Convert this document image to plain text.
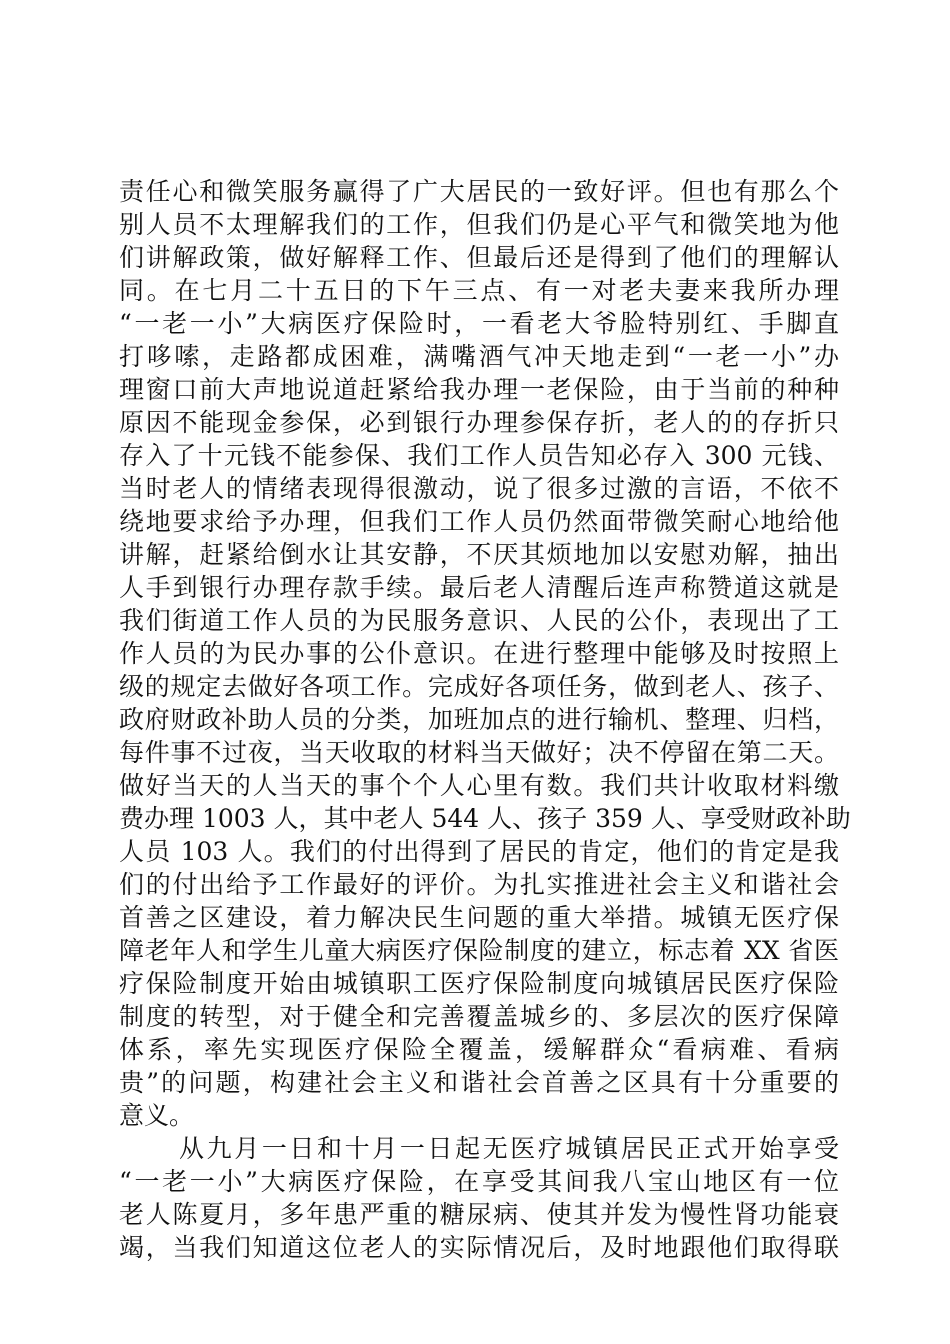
责任心和微笑服务赢得了广大居民的一致好评。但也有那么个
别人员不太理解我们的工作，但我们仍是心平气和微笑地为他
们讲解政策，做好解释工作、但最后还是得到了他们的理解认
同。在七月二十五日的下午三点、有一对老夫妻来我所办理
“一老一小”大病医疗保险时，一看老大爷脸特别红、手脚直
打哆嗦，走路都成困难，满嘴酒气冲天地走到“一老一小”办
理窗口前大声地说道赶紧给我办理一老保险，由于当前的种种
原因不能现金参保，必到银行办理参保存折，老人的的存折只
存入了十元钱不能参保、我们工作人员告知必存入 300 元钱、
当时老人的情绪表现得很激动，说了很多过激的言语，不依不
绕地要求给予办理，但我们工作人员仍然面带微笑耐心地给他
讲解，赶紧给倒水让其安静，不厌其烦地加以安慰劝解，抽出
人手到银行办理存款手续。最后老人清醒后连声称赞道这就是
我们街道工作人员的为民服务意识、人民的公仆，表现出了工
作人员的为民办事的公仆意识。在进行整理中能够及时按照上
级的规定去做好各项工作。完成好各项任务，做到老人、孩子、
政府财政补助人员的分类，加班加点的进行输机、整理、归档，
每件事不过夜，当天收取的材料当天做好；决不停留在第二天。
做好当天的人当天的事个个人心里有数。我们共计收取材料缴
费办理 1003 人，其中老人 544 人、孩子 359 人、享受财政补助
人员 103 人。我们的付出得到了居民的肯定，他们的肯定是我
们的付出给予工作最好的评价。为扎实推进社会主义和谐社会
首善之区建设，着力解决民生问题的重大举措。城镇无医疗保
障老年人和学生儿童大病医疗保险制度的建立，标志着 XX 省医
疗保险制度开始由城镇职工医疗保险制度向城镇居民医疗保险
制度的转型，对于健全和完善覆盖城乡的、多层次的医疗保障
体系，率先实现医疗保险全覆盖，缓解群众“看病难、看病
贵”的问题，构建社会主义和谐社会首善之区具有十分重要的
意义。
从九月一日和十月一日起无医疗城镇居民正式开始享受
“一老一小”大病医疗保险，在享受其间我八宝山地区有一位
老人陈夏月，多年患严重的糖尿病、使其并发为慢性肾功能衰
竭，当我们知道这位老人的实际情况后，及时地跟他们取得联
